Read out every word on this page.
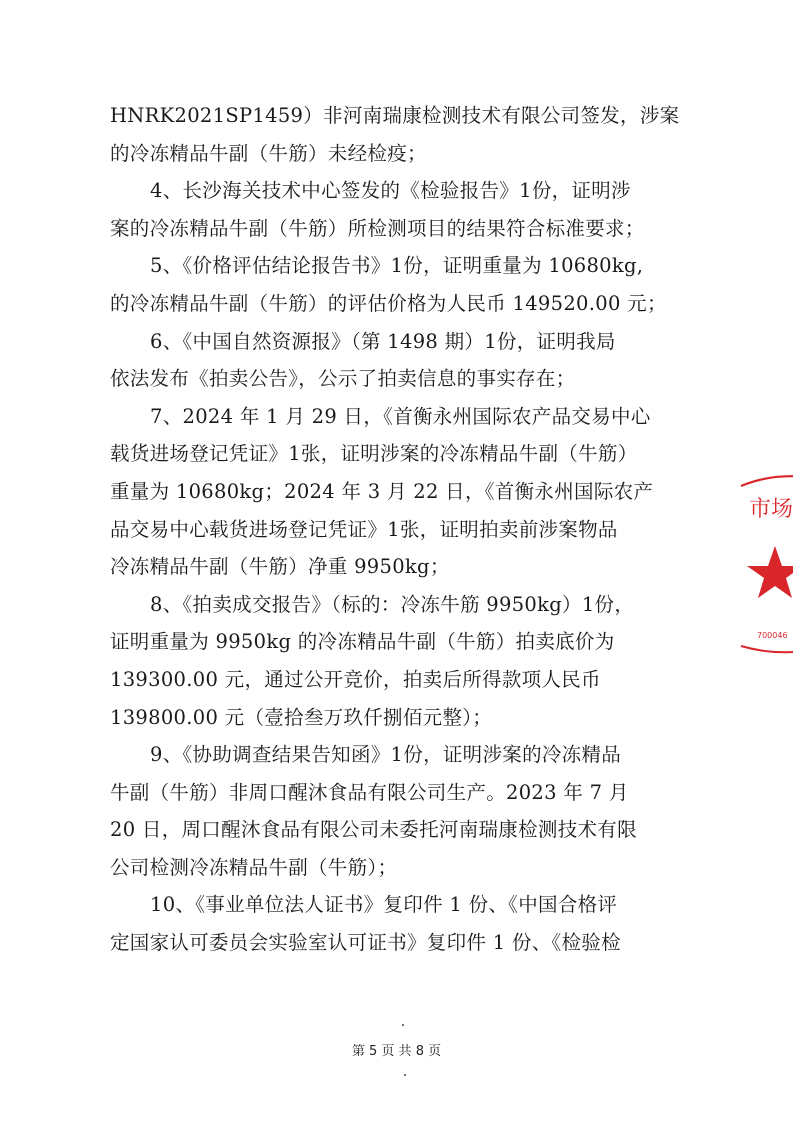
HNRK2021SP1459）非河南瑞康检测技术有限公司签发，涉案
的冷冻精品牛副（牛筋）未经检疫；
4、长沙海关技术中心签发的《检验报告》1份，证明涉
案的冷冻精品牛副（牛筋）所检测项目的结果符合标准要求；
5、《价格评估结论报告书》1份，证明重量为 10680kg,
的冷冻精品牛副（牛筋）的评估价格为人民币 149520.00 元；
6、《中国自然资源报》（第 1498 期）1份，证明我局
依法发布《拍卖公告》，公示了拍卖信息的事实存在；
7、2024 年 1 月 29 日，《首衡永州国际农产品交易中心
载货进场登记凭证》1张，证明涉案的冷冻精品牛副（牛筋）
重量为 10680kg；2024 年 3 月 22 日，《首衡永州国际农产
品交易中心载货进场登记凭证》1张，证明拍卖前涉案物品
冷冻精品牛副（牛筋）净重 9950kg；
8、《拍卖成交报告》（标的：冷冻牛筋 9950kg）1份，
证明重量为 9950kg 的冷冻精品牛副（牛筋）拍卖底价为
139300.00 元，通过公开竞价，拍卖后所得款项人民币
139800.00 元（壹拾叁万玖仟捌佰元整）；
9、《协助调查结果告知函》1份，证明涉案的冷冻精品
牛副（牛筋）非周口醒沐食品有限公司生产。2023 年 7 月
20 日，周口醒沐食品有限公司未委托河南瑞康检测技术有限
公司检测冷冻精品牛副（牛筋）；
10、《事业单位法人证书》复印件 1 份、《中国合格评
定国家认可委员会实验室认可证书》复印件 1 份、《检验检
市场
700046
第 5 页 共 8 页
